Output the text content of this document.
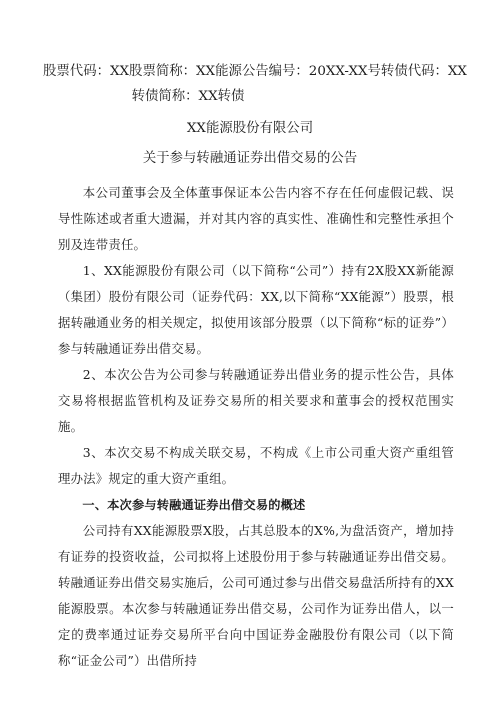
股票代码：XX股票简称：XX能源公告编号：20XX-XX号转债代码：XX
转债简称：XX转债
XX能源股份有限公司
关于参与转融通证券出借交易的公告

本公司董事会及全体董事保证本公告内容不存在任何虚假记载、误导性陈述或者重大遗漏，并对其内容的真实性、准确性和完整性承担个别及连带责任。

1、XX能源股份有限公司（以下简称“公司”）持有2X股XX新能源（集团）股份有限公司（证券代码：XX,以下简称“XX能源”）股票，根据转融通业务的相关规定，拟使用该部分股票（以下简称“标的证券”）参与转融通证券出借交易。

2、本次公告为公司参与转融通证券出借业务的提示性公告，具体交易将根据监管机构及证券交易所的相关要求和董事会的授权范围实施。

3、本次交易不构成关联交易，不构成《上市公司重大资产重组管理办法》规定的重大资产重组。

一、本次参与转融通证券出借交易的概述

公司持有XX能源股票X股，占其总股本的X%,为盘活资产，增加持有证券的投资收益，公司拟将上述股份用于参与转融通证券出借交易。转融通证券出借交易实施后，公司可通过参与出借交易盘活所持有的XX能源股票。本次参与转融通证券出借交易，公司作为证券出借人，以一定的费率通过证券交易所平台向中国证券金融股份有限公司（以下简称“证金公司”）出借所持
